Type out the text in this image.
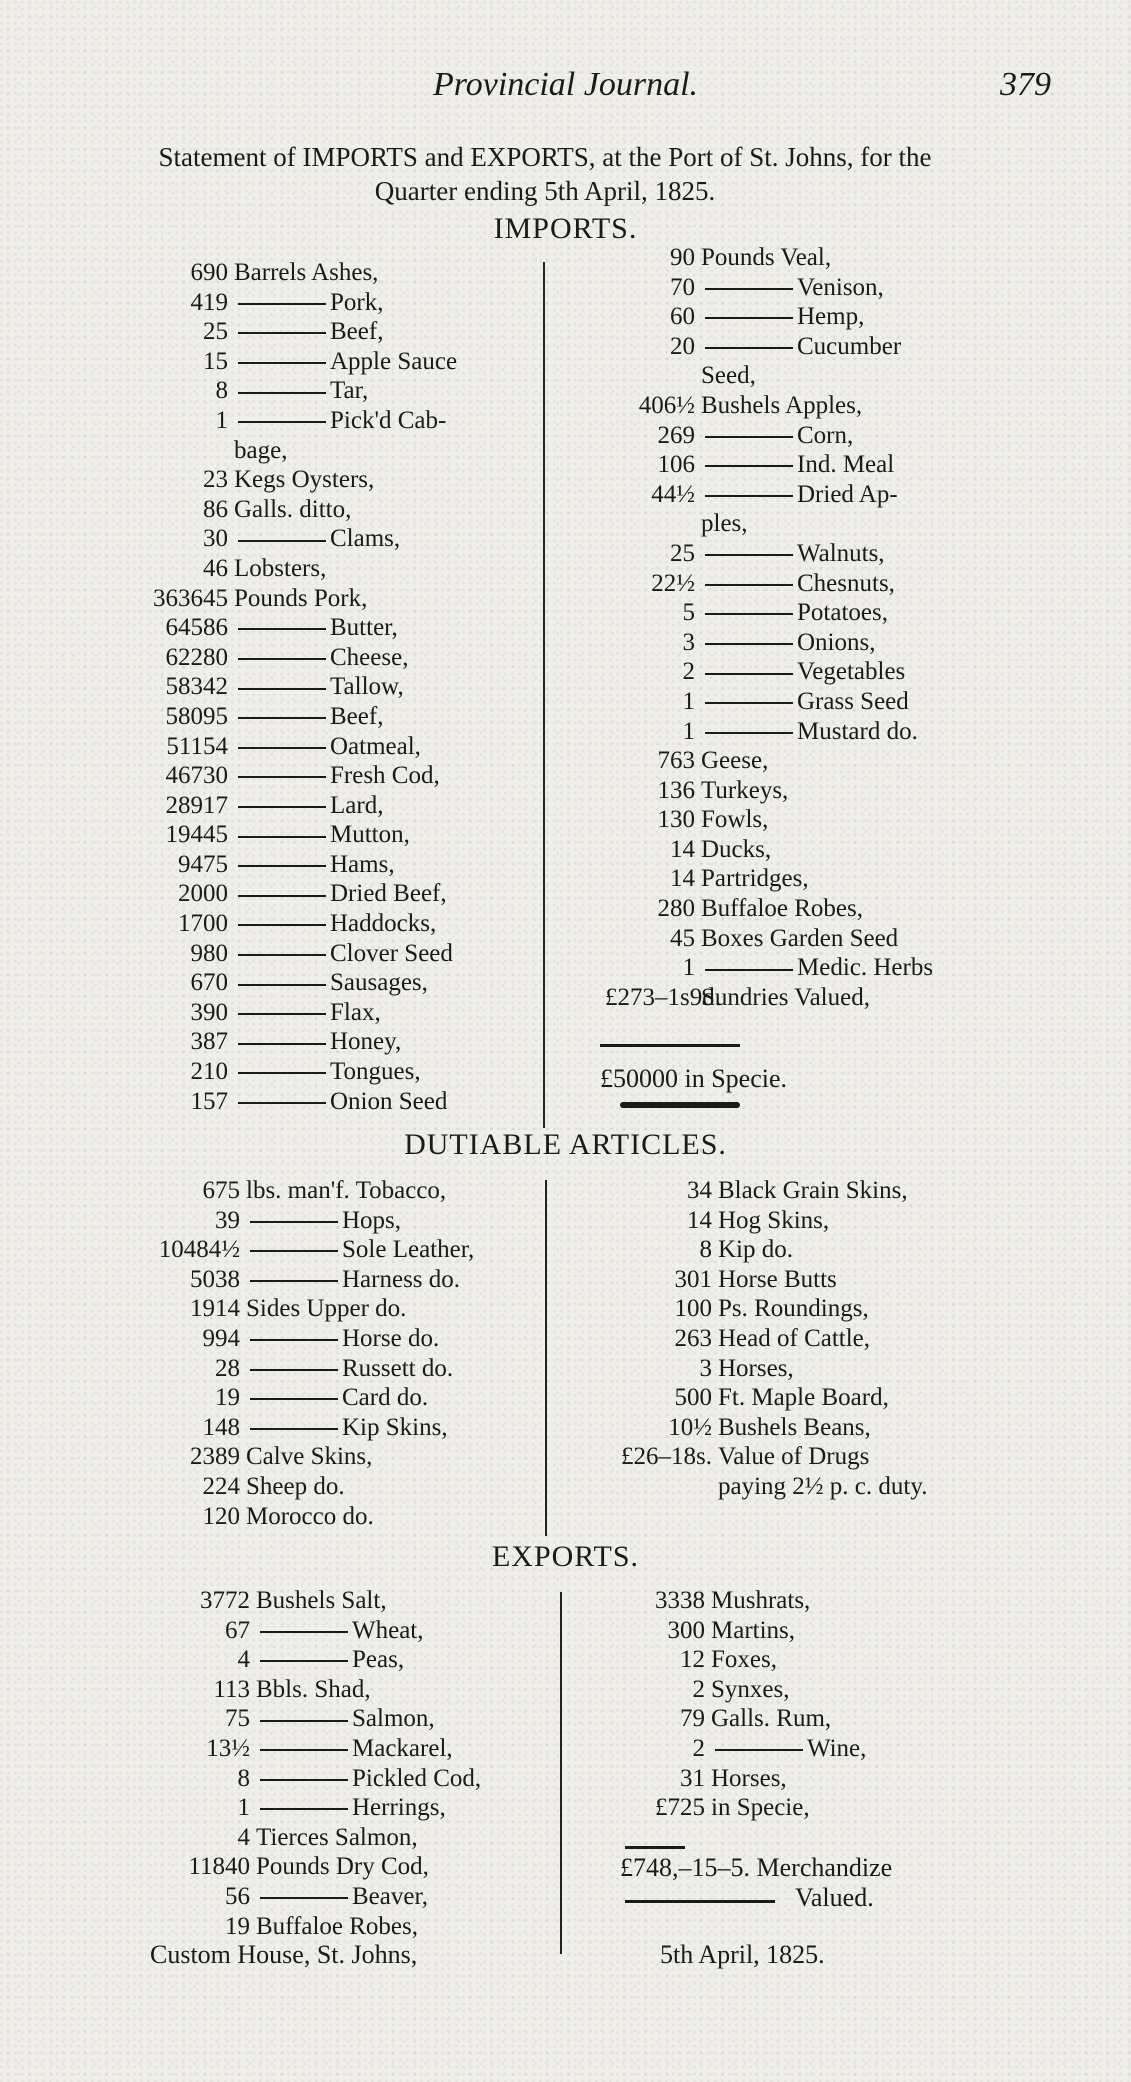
Provincial Journal.	379
Statement of IMPORTS and EXPORTS, at the Port of St. Johns, for the
Quarter ending 5th April, 1825.
IMPORTS.
690 Barrels Ashes,
419	Pork,
25	Beef,
15	Apple Sauce
8	Tar,
1	Pick'd Cab-
bage,
23 Kegs Oysters,
86 Galls. ditto,
30	Clams,
46 Lobsters,
363645 Pounds Pork,
64586	Butter,
62280	Cheese,
58342	Tallow,
58095	Beef,
51154	Oatmeal,
46730	Fresh Cod,
28917	Lard,
19445	Mutton,
9475	Hams,
2000	Dried Beef,
1700	Haddocks,
980	Clover Seed
670	Sausages,
390	Flax,
387	Honey,
210	Tongues,
157	Onion Seed
90 Pounds Veal,
70	Venison,
60	Hemp,
20	Cucumber
Seed,
406½ Bushels Apples,
269	Corn,
106	Ind. Meal
44½	Dried Ap-
ples,
25	Walnuts,
22½	Chesnuts,
5	Potatoes,
3	Onions,
2	Vegetables
1	Grass Seed
1	Mustard do.
763 Geese,
136 Turkeys,
130 Fowls,
14 Ducks,
14 Partridges,
280 Buffaloe Robes,
45 Boxes Garden Seed
1	Medic. Herbs
£273–1s9d.Sundries Valued,
£50000 in Specie.
DUTIABLE ARTICLES.
675 lbs. man'f. Tobacco,
39	Hops,
10484½	Sole Leather,
5038	Harness do.
1914 Sides Upper do.
994	Horse do.
28	Russett do.
19	Card do.
148	Kip Skins,
2389 Calve Skins,
224 Sheep do.
120 Morocco do.
34 Black Grain Skins,
14 Hog Skins,
8 Kip do.
301 Horse Butts
100 Ps. Roundings,
263 Head of Cattle,
3 Horses,
500 Ft. Maple Board,
10½ Bushels Beans,
£26–18s. Value of Drugs
paying 2½ p. c. duty.
EXPORTS.
3772 Bushels Salt,
67	Wheat,
4	Peas,
113 Bbls. Shad,
75	Salmon,
13½	Mackarel,
8	Pickled Cod,
1	Herrings,
4 Tierces Salmon,
11840 Pounds Dry Cod,
56	Beaver,
19 Buffaloe Robes,
3338 Mushrats,
300 Martins,
12 Foxes,
2 Synxes,
79 Galls. Rum,
2	Wine,
31 Horses,
£725 in Specie,
£748,–15–5. Merchandize
Valued.
Custom House, St. Johns,	5th April, 1825.
